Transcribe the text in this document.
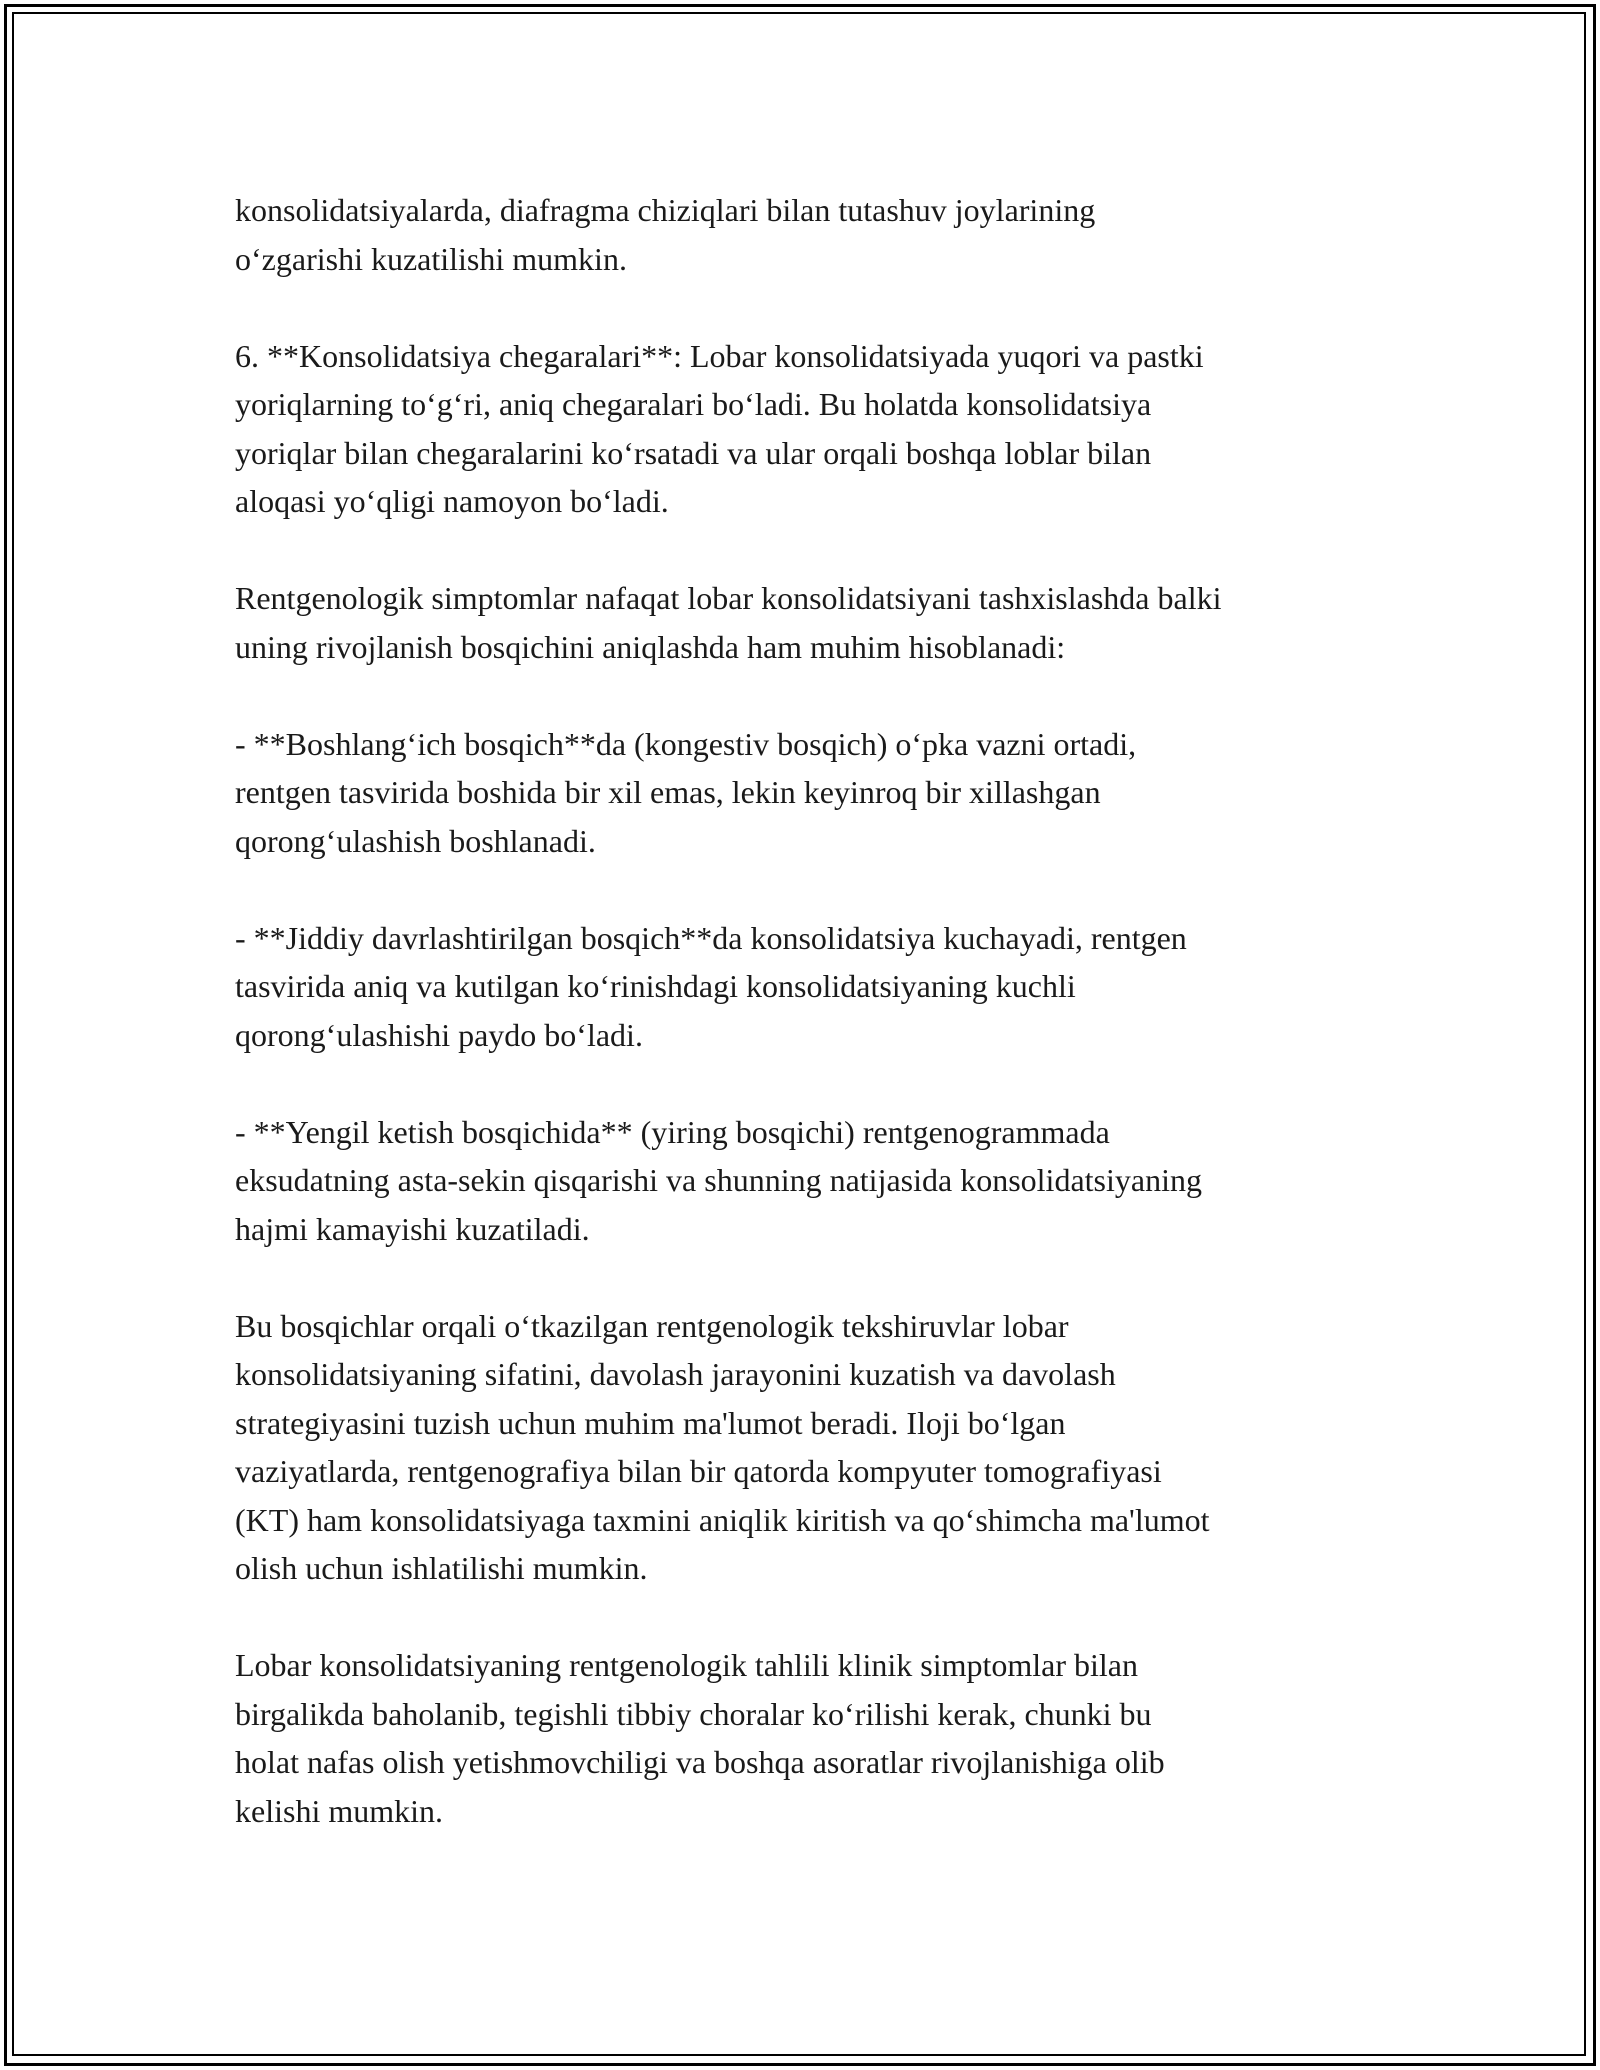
konsolidatsiyalarda, diafragma chiziqlari bilan tutashuv joylarining
o‘zgarishi kuzatilishi mumkin.

6. **Konsolidatsiya chegaralari**: Lobar konsolidatsiyada yuqori va pastki
yoriqlarning to‘g‘ri, aniq chegaralari bo‘ladi. Bu holatda konsolidatsiya
yoriqlar bilan chegaralarini ko‘rsatadi va ular orqali boshqa loblar bilan
aloqasi yo‘qligi namoyon bo‘ladi.

Rentgenologik simptomlar nafaqat lobar konsolidatsiyani tashxislashda balki
uning rivojlanish bosqichini aniqlashda ham muhim hisoblanadi:

- **Boshlang‘ich bosqich**da (kongestiv bosqich) o‘pka vazni ortadi,
rentgen tasvirida boshida bir xil emas, lekin keyinroq bir xillashgan
qorong‘ulashish boshlanadi.

- **Jiddiy davrlashtirilgan bosqich**da konsolidatsiya kuchayadi, rentgen
tasvirida aniq va kutilgan ko‘rinishdagi konsolidatsiyaning kuchli
qorong‘ulashishi paydo bo‘ladi.

- **Yengil ketish bosqichida** (yiring bosqichi) rentgenogrammada
eksudatning asta-sekin qisqarishi va shunning natijasida konsolidatsiyaning
hajmi kamayishi kuzatiladi.

Bu bosqichlar orqali o‘tkazilgan rentgenologik tekshiruvlar lobar
konsolidatsiyaning sifatini, davolash jarayonini kuzatish va davolash
strategiyasini tuzish uchun muhim ma'lumot beradi. Iloji bo‘lgan
vaziyatlarda, rentgenografiya bilan bir qatorda kompyuter tomografiyasi
(KT) ham konsolidatsiyaga taxmini aniqlik kiritish va qo‘shimcha ma'lumot
olish uchun ishlatilishi mumkin.

Lobar konsolidatsiyaning rentgenologik tahlili klinik simptomlar bilan
birgalikda baholanib, tegishli tibbiy choralar ko‘rilishi kerak, chunki bu
holat nafas olish yetishmovchiligi va boshqa asoratlar rivojlanishiga olib
kelishi mumkin.
